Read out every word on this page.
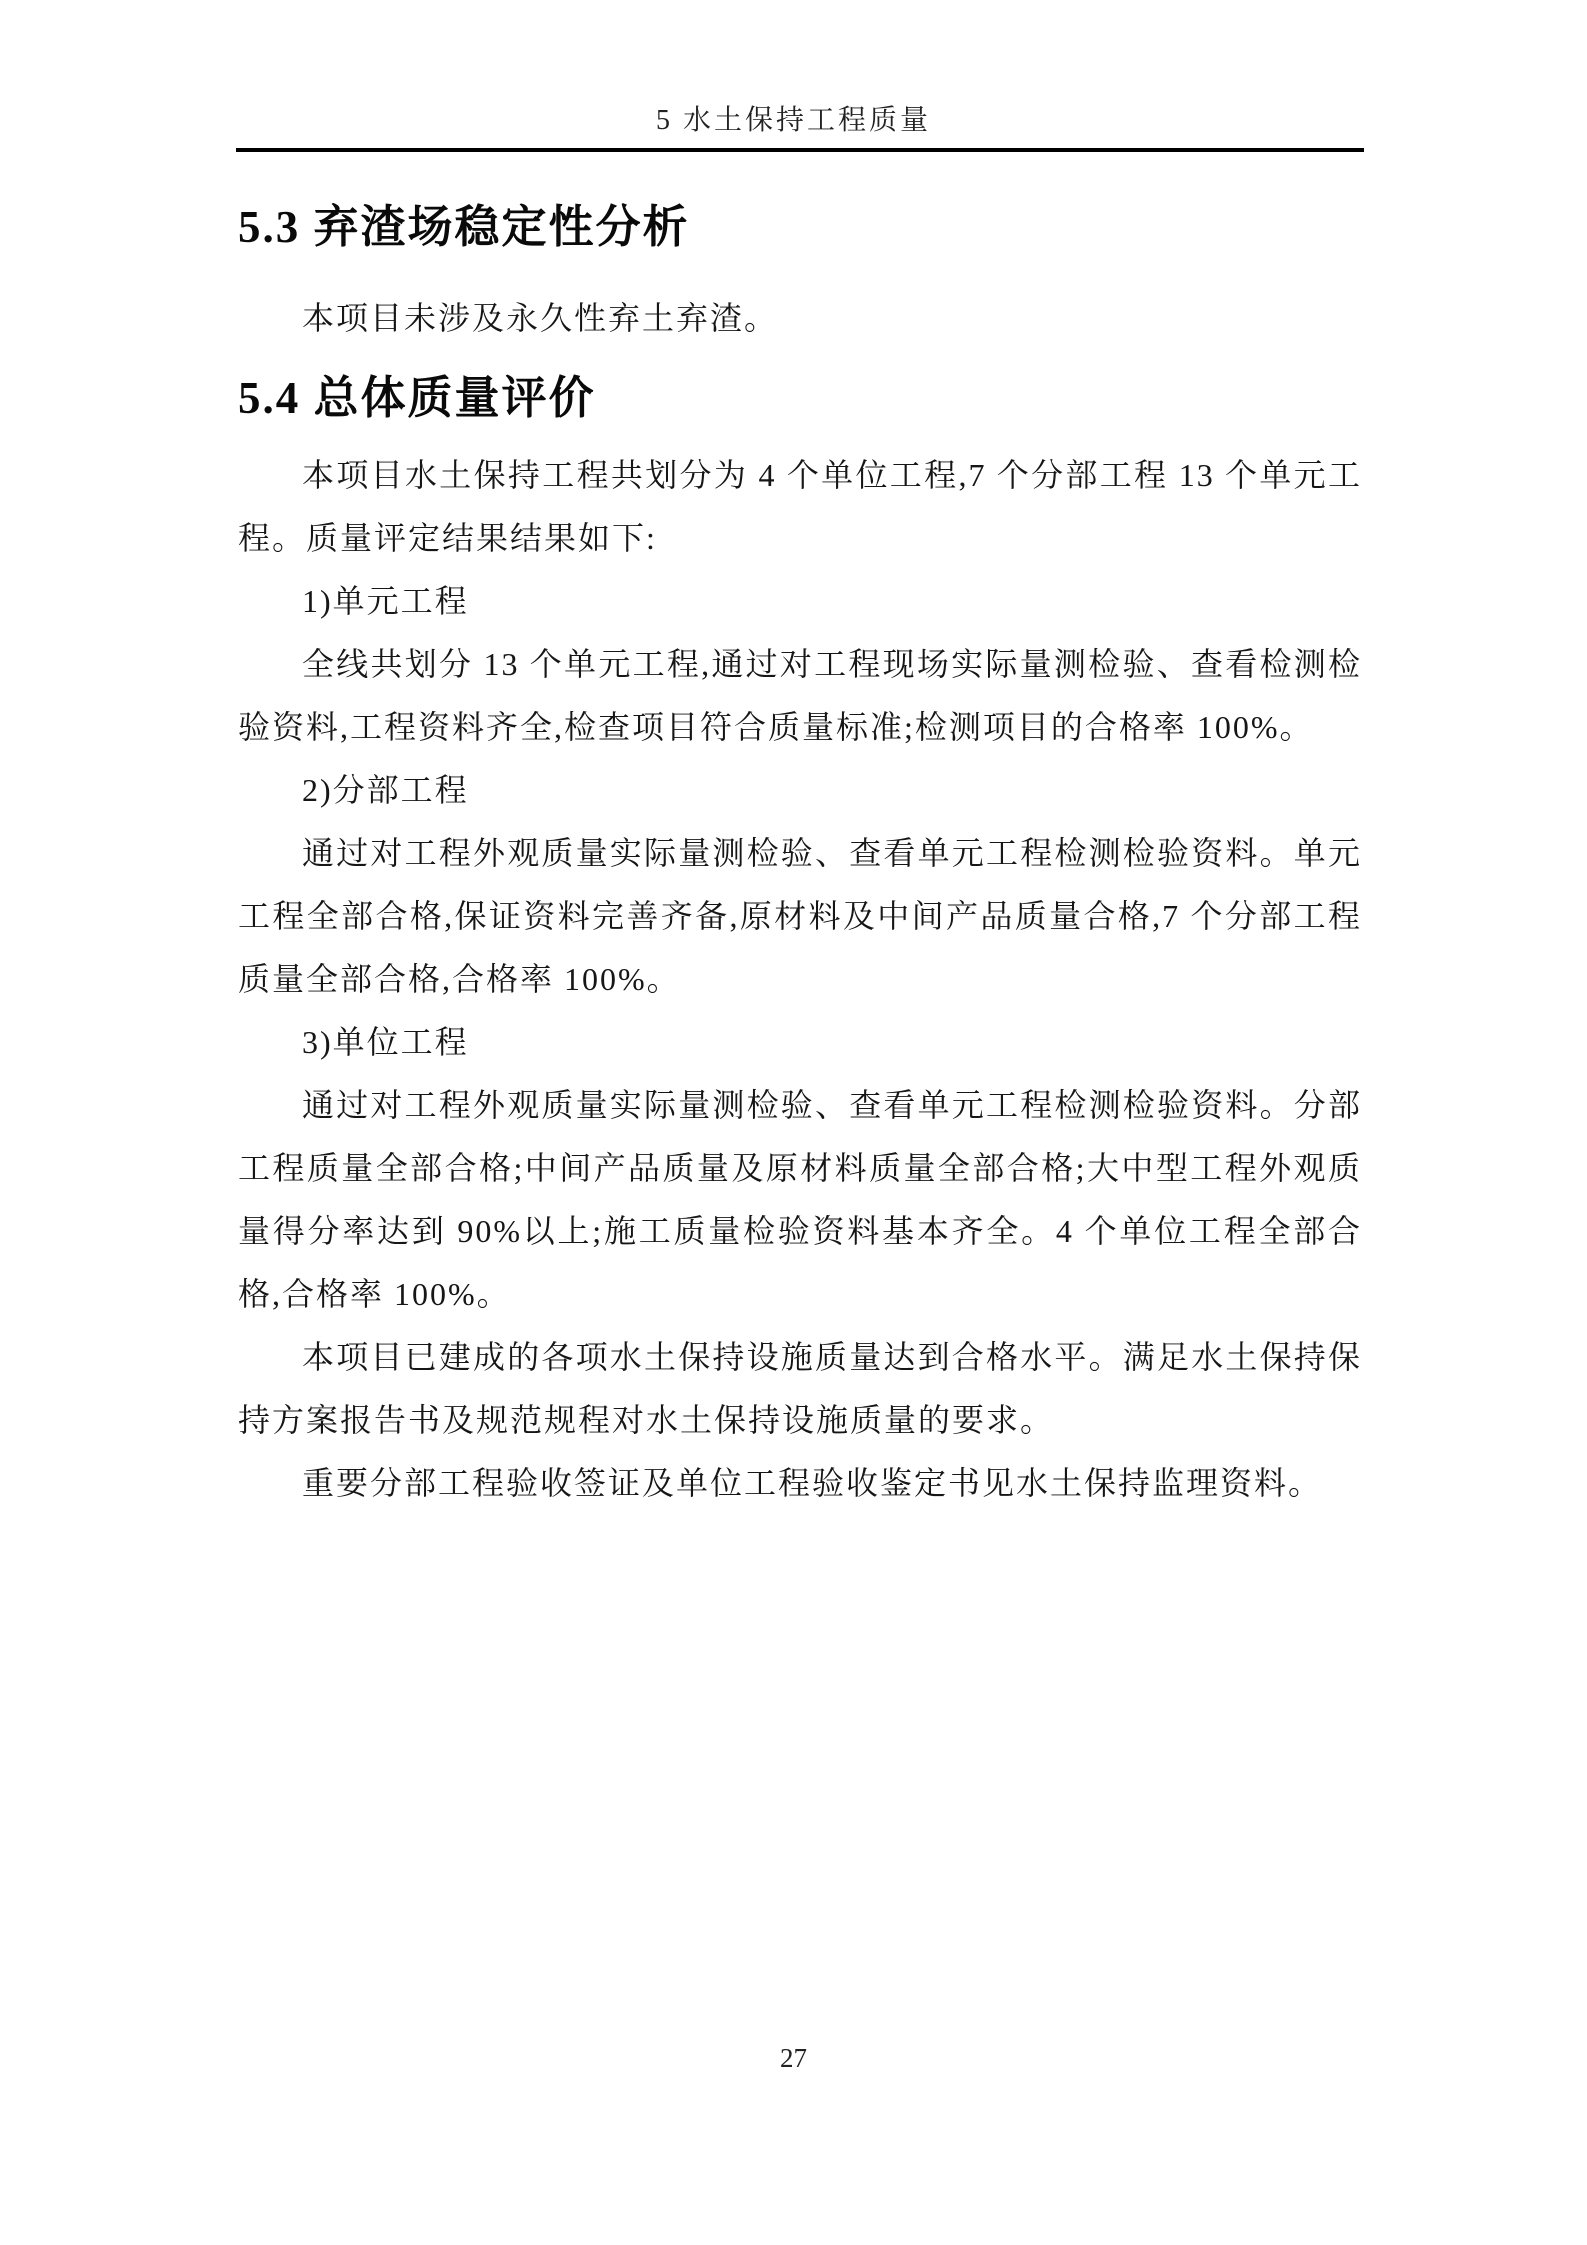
5 水土保持工程质量
5.3 弃渣场稳定性分析

本项目未涉及永久性弃土弃渣。

5.4 总体质量评价

本项目水土保持工程共划分为 4 个单位工程,7 个分部工程 13 个单元工程。质量评定结果结果如下:

1)单元工程

全线共划分 13 个单元工程,通过对工程现场实际量测检验、查看检测检验资料,工程资料齐全,检查项目符合质量标准;检测项目的合格率 100%。

2)分部工程

通过对工程外观质量实际量测检验、查看单元工程检测检验资料。单元工程全部合格,保证资料完善齐备,原材料及中间产品质量合格,7 个分部工程质量全部合格,合格率 100%。

3)单位工程

通过对工程外观质量实际量测检验、查看单元工程检测检验资料。分部工程质量全部合格;中间产品质量及原材料质量全部合格;大中型工程外观质量得分率达到 90%以上;施工质量检验资料基本齐全。4 个单位工程全部合格,合格率 100%。

本项目已建成的各项水土保持设施质量达到合格水平。满足水土保持保持方案报告书及规范规程对水土保持设施质量的要求。

重要分部工程验收签证及单位工程验收鉴定书见水土保持监理资料。

27
